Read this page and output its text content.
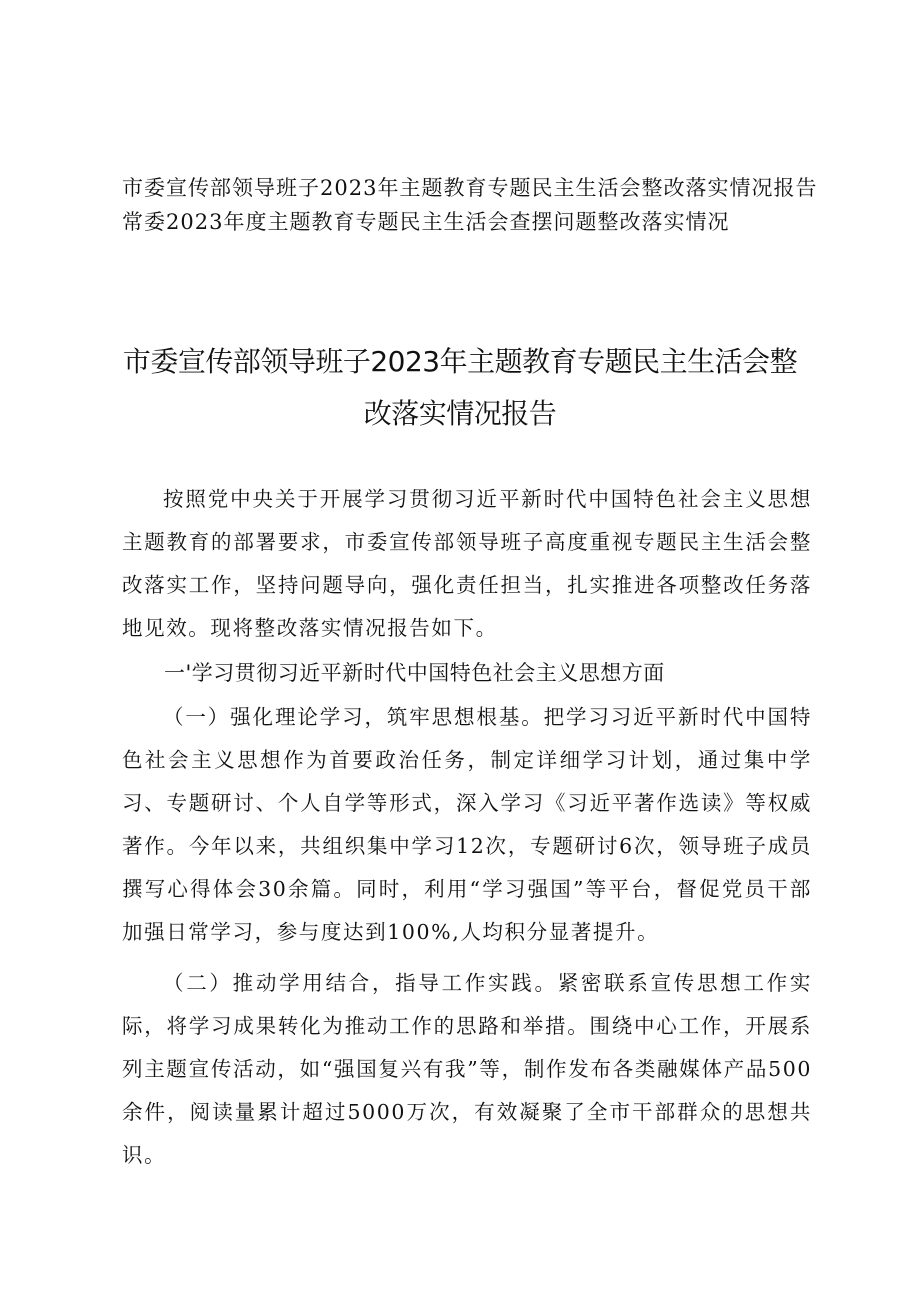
市委宣传部领导班子2023年主题教育专题民主生活会整改落实情况报告
常委2023年度主题教育专题民主生活会查摆问题整改落实情况
市委宣传部领导班子2023年主题教育专题民主生活会整
改落实情况报告

按照党中央关于开展学习贯彻习近平新时代中国特色社会主义思想主题教育的部署要求，市委宣传部领导班子高度重视专题民主生活会整改落实工作，坚持问题导向，强化责任担当，扎实推进各项整改任务落地见效。现将整改落实情况报告如下。

一'学习贯彻习近平新时代中国特色社会主义思想方面

（一）强化理论学习，筑牢思想根基。把学习习近平新时代中国特色社会主义思想作为首要政治任务，制定详细学习计划，通过集中学习、专题研讨、个人自学等形式，深入学习《习近平著作选读》等权威著作。今年以来，共组织集中学习12次，专题研讨6次，领导班子成员撰写心得体会30余篇。同时，利用“学习强国”等平台，督促党员干部加强日常学习，参与度达到100%,人均积分显著提升。

（二）推动学用结合，指导工作实践。紧密联系宣传思想工作实际，将学习成果转化为推动工作的思路和举措。围绕中心工作，开展系列主题宣传活动，如“强国复兴有我”等，制作发布各类融媒体产品500余件，阅读量累计超过5000万次，有效凝聚了全市干部群众的思想共识。
